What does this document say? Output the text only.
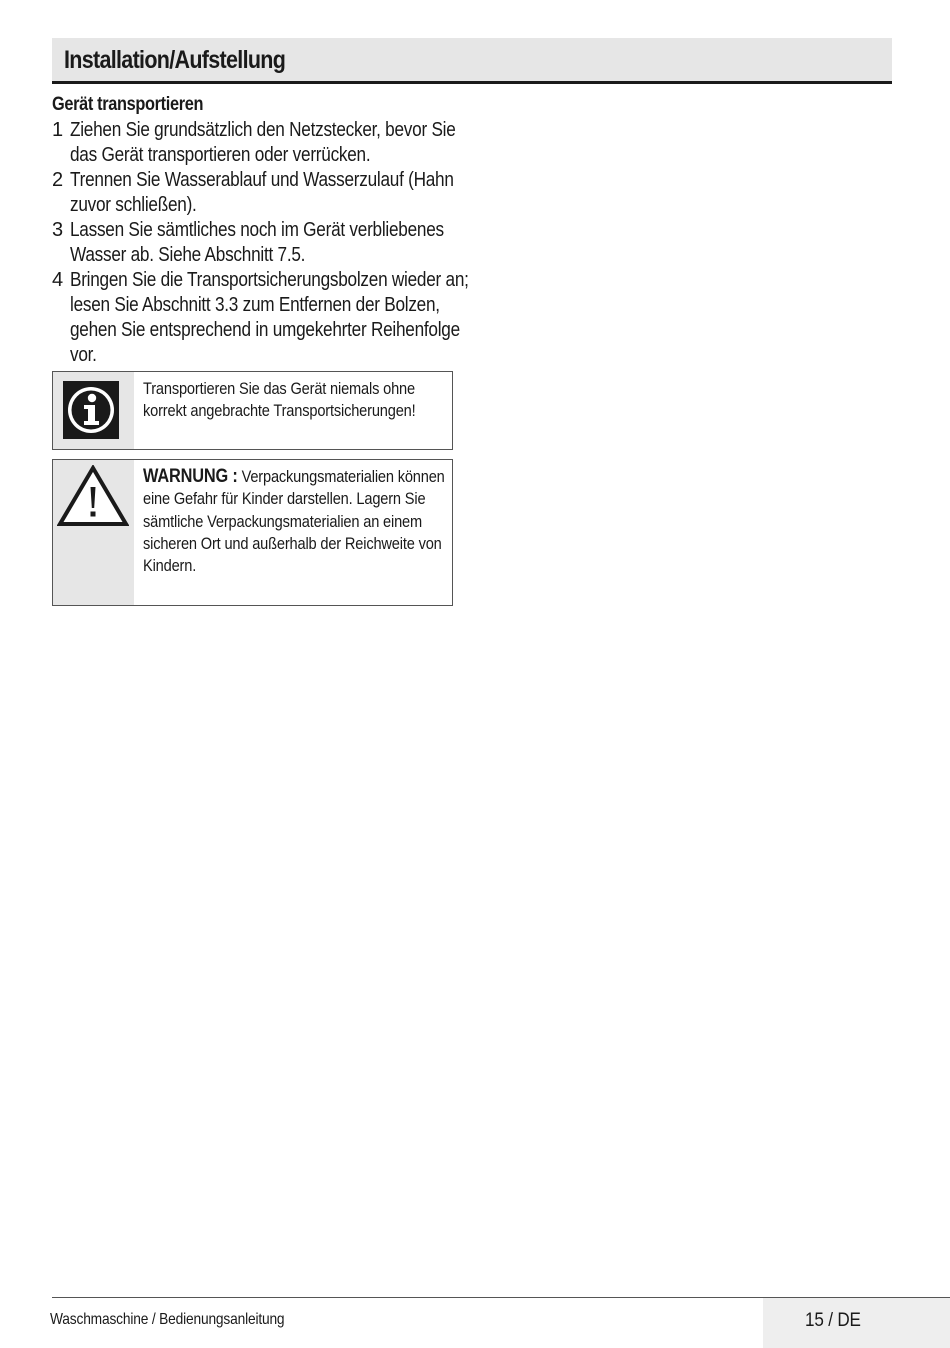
Installation/Aufstellung
Gerät transportieren
1 Ziehen Sie grundsätzlich den Netzstecker, bevor Sie das Gerät transportieren oder verrücken.
2 Trennen Sie Wasserablauf und Wasserzulauf (Hahn zuvor schließen).
3 Lassen Sie sämtliches noch im Gerät verbliebenes Wasser ab. Siehe Abschnitt 7.5.
4 Bringen Sie die Transportsicherungsbolzen wieder an; lesen Sie Abschnitt 3.3 zum Entfernen der Bolzen, gehen Sie entsprechend in umgekehrter Reihenfolge vor.
Transportieren Sie das Gerät niemals ohne korrekt angebrachte Transportsicherungen!
WARNUNG : Verpackungsmaterialien können eine Gefahr für Kinder darstellen. Lagern Sie sämtliche Verpackungsmaterialien an einem sicheren Ort und außerhalb der Reichweite von Kindern.
Waschmaschine / Bedienungsanleitung	15 / DE
